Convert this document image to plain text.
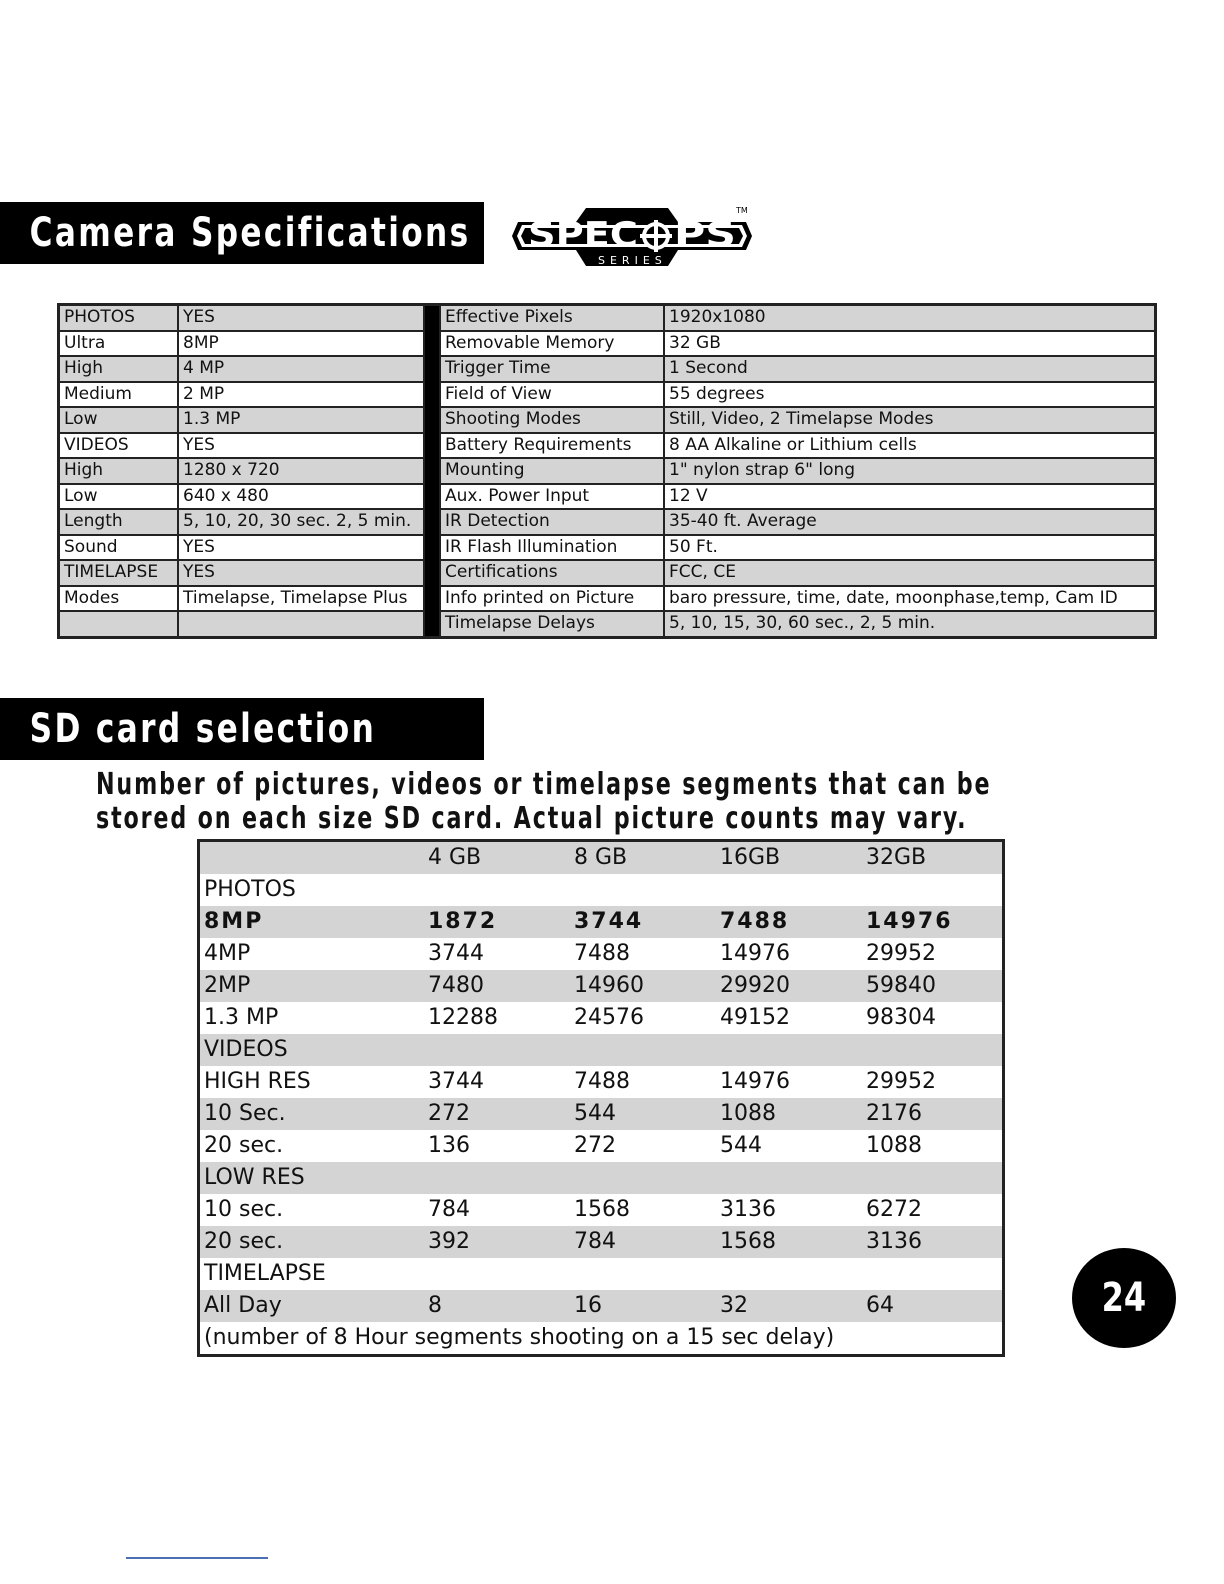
Camera Specifications SPEC PS
TM
SERIES
PHOTOS	YES		Effective Pixels	1920x1080
Ultra	8MP		Removable Memory	32 GB
High	4 MP		Trigger Time	1 Second
Medium	2 MP		Field of View	55 degrees
Low	1.3 MP		Shooting Modes	Still, Video, 2 Timelapse Modes
VIDEOS	YES		Battery Requirements	8 AA Alkaline or Lithium cells
High	1280 x 720		Mounting	1" nylon strap 6" long
Low	640 x 480		Aux. Power Input	12 V
Length	5, 10, 20, 30 sec. 2, 5 min.		IR Detection	35-40 ft. Average
Sound	YES		IR Flash Illumination	50 Ft.
TIMELAPSE	YES		Certifications	FCC, CE
Modes	Timelapse, Timelapse Plus		Info printed on Picture	baro pressure, time, date, moonphase,temp, Cam ID
			Timelapse Delays	5, 10, 15, 30, 60 sec., 2, 5 min.
SD card selection
Number of pictures, videos or timelapse segments that can be stored on each size SD card. Actual picture counts may vary.
	4 GB	8 GB	16GB	32GB
PHOTOS				
8MP	1872	3744	7488	14976
4MP	3744	7488	14976	29952
2MP	7480	14960	29920	59840
1.3 MP	12288	24576	49152	98304
VIDEOS				
HIGH RES	3744	7488	14976	29952
10 Sec.	272	544	1088	2176
20 sec.	136	272	544	1088
LOW RES				
10 sec.	784	1568	3136	6272
20 sec.	392	784	1568	3136
TIMELAPSE				
All Day	8	16	32	64
(number of 8 Hour segments shooting on a 15 sec delay)				
24
